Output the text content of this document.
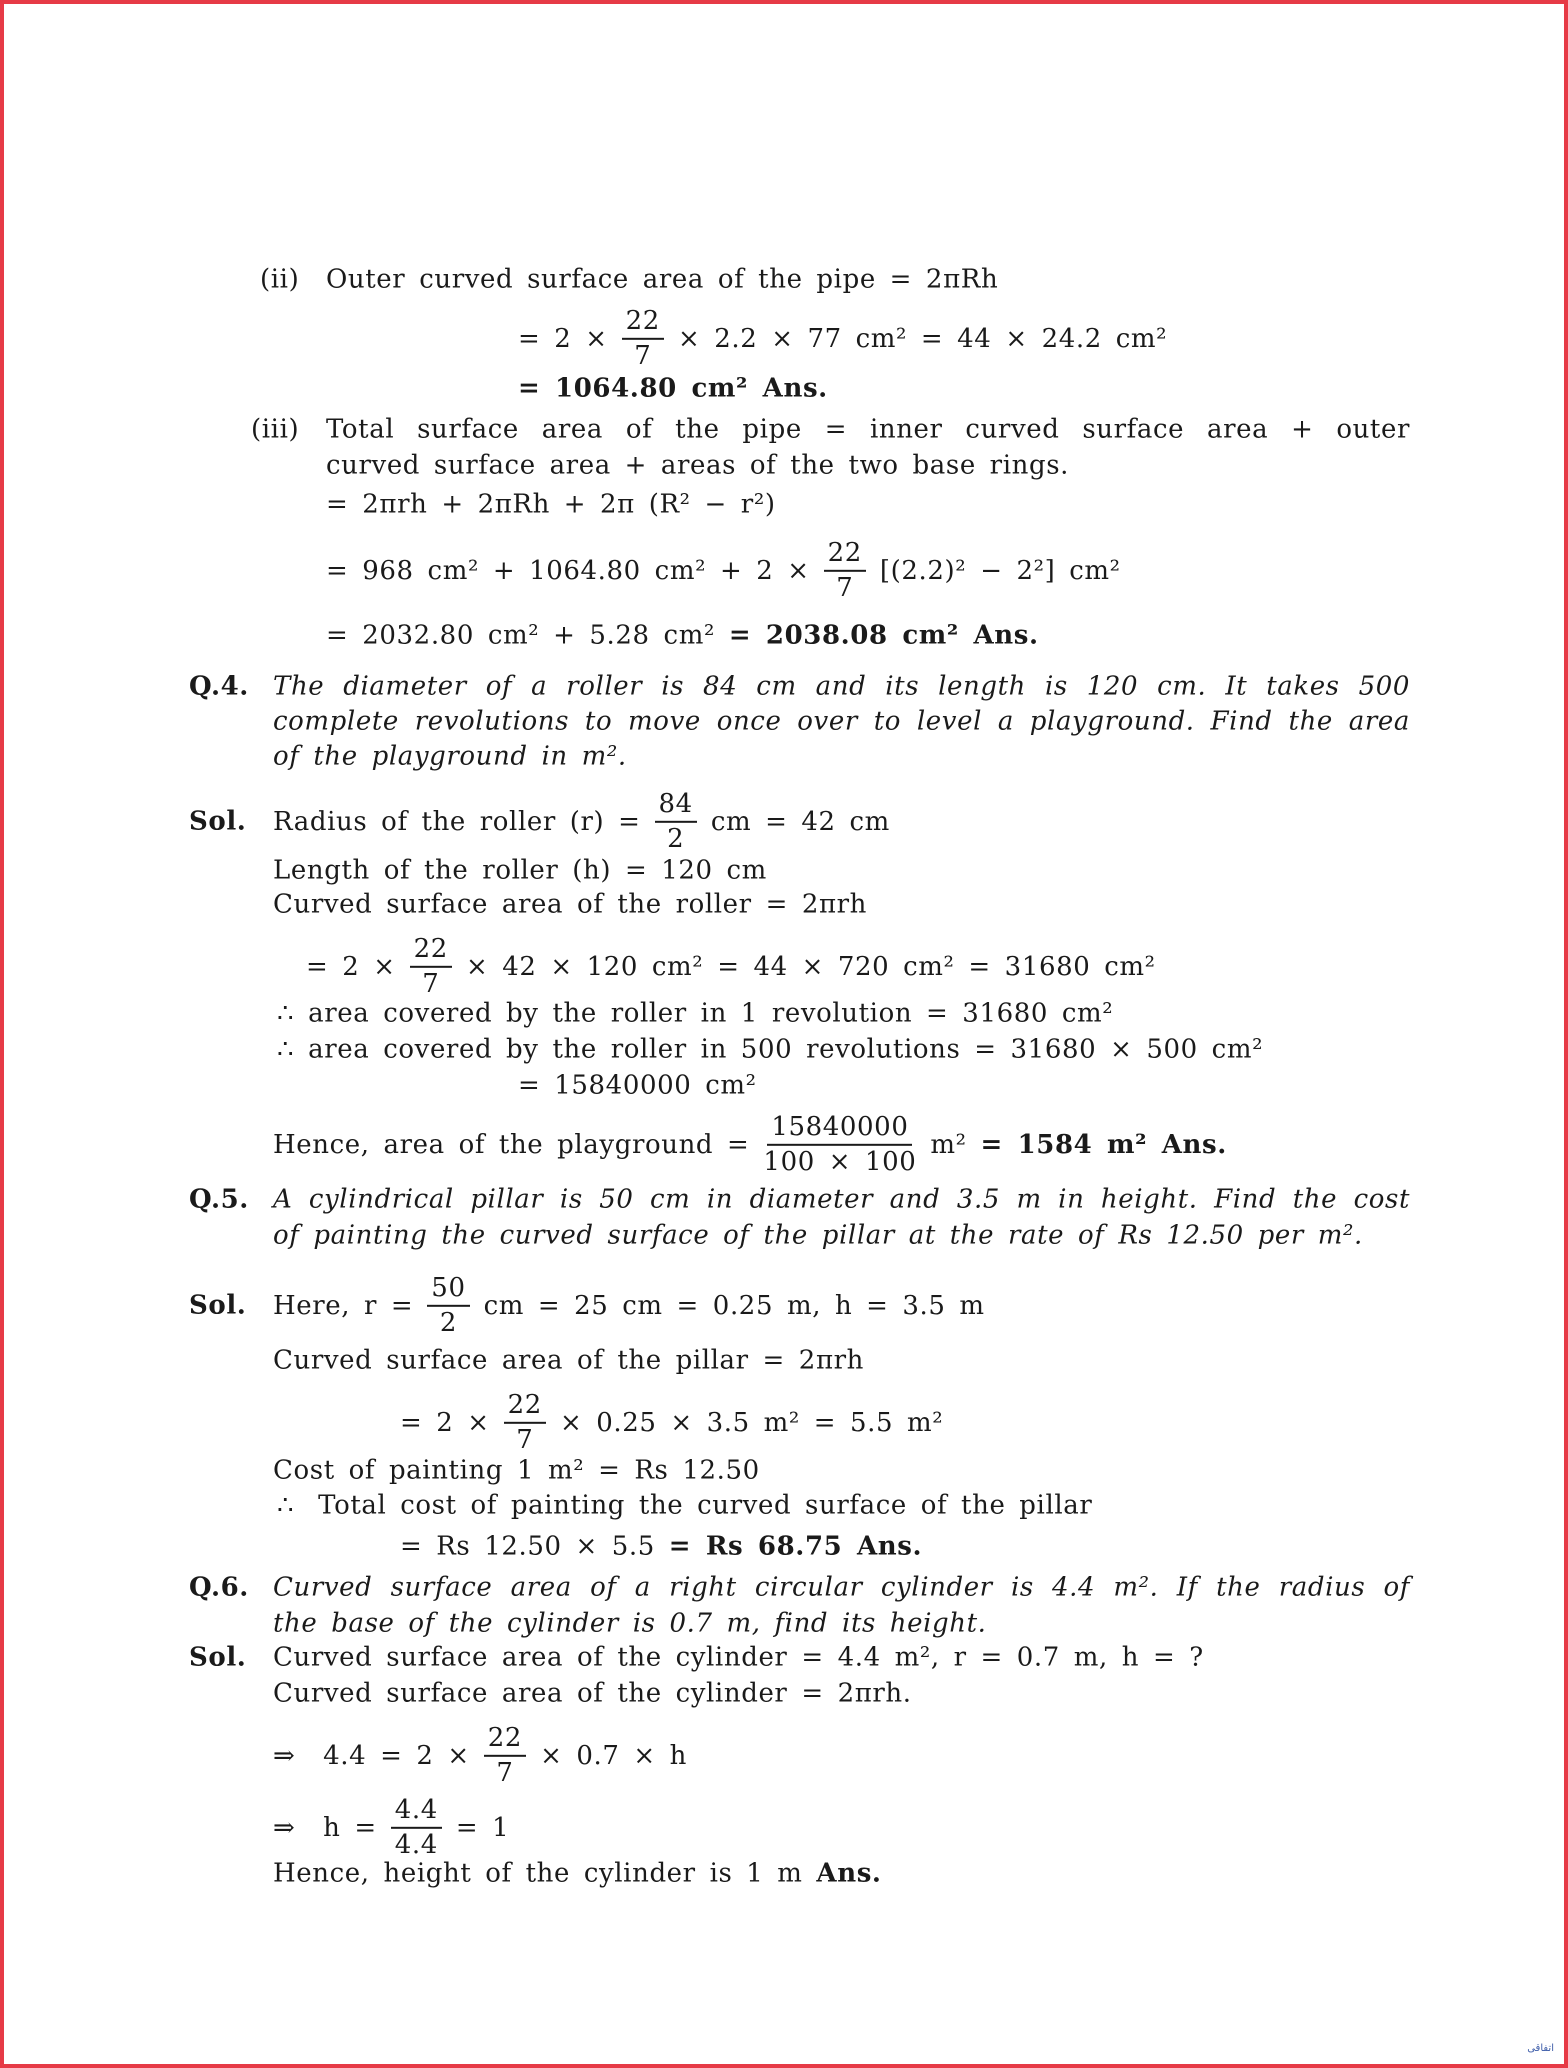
(ii) Outer curved surface area of the pipe = 2πRh
= $2 \times \frac{22}{7} \times 2.2 \times 77$ cm² = 44 × 24.2 cm²
= 1064.80 cm² Ans.
(iii) Total surface area of the pipe = inner curved surface area + outer
curved surface area + areas of the two base rings.
= 2πrh + 2πRh + 2π (R² − r²)
= 968 cm² + 1064.80 $cm^2 + 2 \times \frac{22}{7} [(2.2)^2 - 2^2]$ cm²
= 2032.80 cm² + 5.28 cm² = 2038.08 cm² Ans.
Q.4. The diameter of a roller is 84 cm and its length is 120 cm. It takes 500
complete revolutions to move once over to level a playground. Find the area
of the playground in m².
Sol. Radius of the roller $(r) = \frac{84}{2}$ cm = 42 cm
Length of the roller (h) = 120 cm
Curved surface area of the roller = 2πrh
= $2 \times \frac{22}{7} \times 42 \times 120$ cm² = 44 × 720 cm² = 31680 cm²
∴ area covered by the roller in 1 revolution = 31680 cm²
∴ area covered by the roller in 500 revolutions = 31680 × 500 cm²
= 15840000 cm²
Hence, area of the playground = $\frac{15840000}{100 \times 100} m^2 = 1584$ m² Ans.
Q.5. A cylindrical pillar is 50 cm in diameter and 3.5 m in height. Find the cost
of painting the curved surface of the pillar at the rate of Rs 12.50 per m².
Sol. Here, $r = \frac{50}{2}$ cm = 25 cm = 0.25 m, h = 3.5 m
Curved surface area of the pillar = 2πrh
= $2 \times \frac{22}{7} \times 0.25 \times 3.5$ m² = 5.5 m²
Cost of painting 1 m² = Rs 12.50
∴ Total cost of painting the curved surface of the pillar
= Rs 12.50 × 5.5 = Rs 68.75 Ans.
Q.6. Curved surface area of a right circular cylinder is 4.4 m². If the radius of
the base of the cylinder is 0.7 m, find its height.
Sol. Curved surface area of the cylinder = 4.4 m², r = 0.7 m, h = ?
Curved surface area of the cylinder = 2πrh.
⇒  $4.4 = 2 \times \frac{22}{7} \times 0.7 \times h$
⇒  $h = \frac{4.4}{4.4} = 1$
Hence, height of the cylinder is 1 m Ans.
اتفاقی
